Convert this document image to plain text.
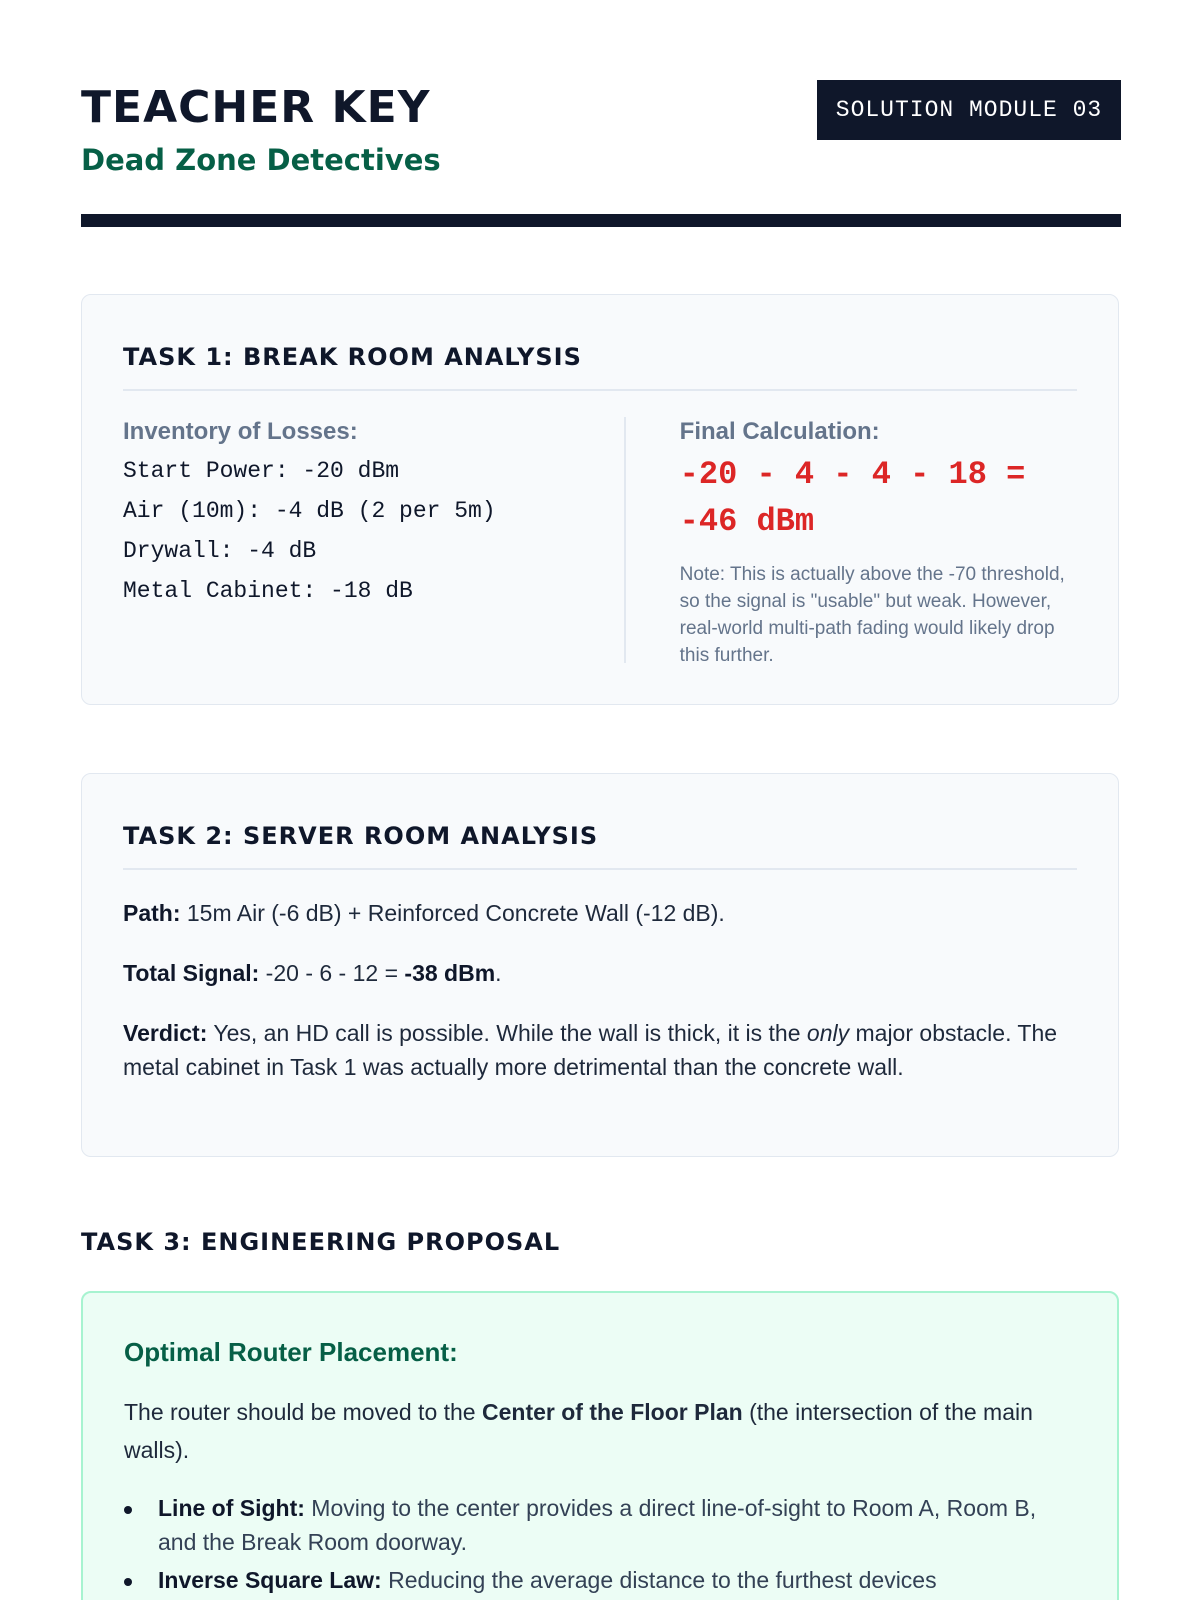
TEACHER KEY
Dead Zone Detectives
SOLUTION MODULE 03
TASK 1: BREAK ROOM ANALYSIS
Inventory of Losses:
Start Power: -20 dBm
Air (10m): -4 dB (2 per 5m)
Drywall: -4 dB
Metal Cabinet: -18 dB
Final Calculation:
-20 - 4 - 4 - 18 =
-46 dBm
Note: This is actually above the -70 threshold, so the signal is "usable" but weak. However, real-world multi-path fading would likely drop this further.
TASK 2: SERVER ROOM ANALYSIS

Path: 15m Air (-6 dB) + Reinforced Concrete Wall (-12 dB).

Total Signal: -20 - 6 - 12 = -38 dBm.

Verdict: Yes, an HD call is possible. While the wall is thick, it is the only major obstacle. The metal cabinet in Task 1 was actually more detrimental than the concrete wall.

TASK 3: ENGINEERING PROPOSAL
Optimal Router Placement:

The router should be moved to the Center of the Floor Plan (the intersection of the main walls).

Line of Sight: Moving to the center provides a direct line-of-sight to Room A, Room B, and the Break Room doorway.
Inverse Square Law: Reducing the average distance to the furthest devices
